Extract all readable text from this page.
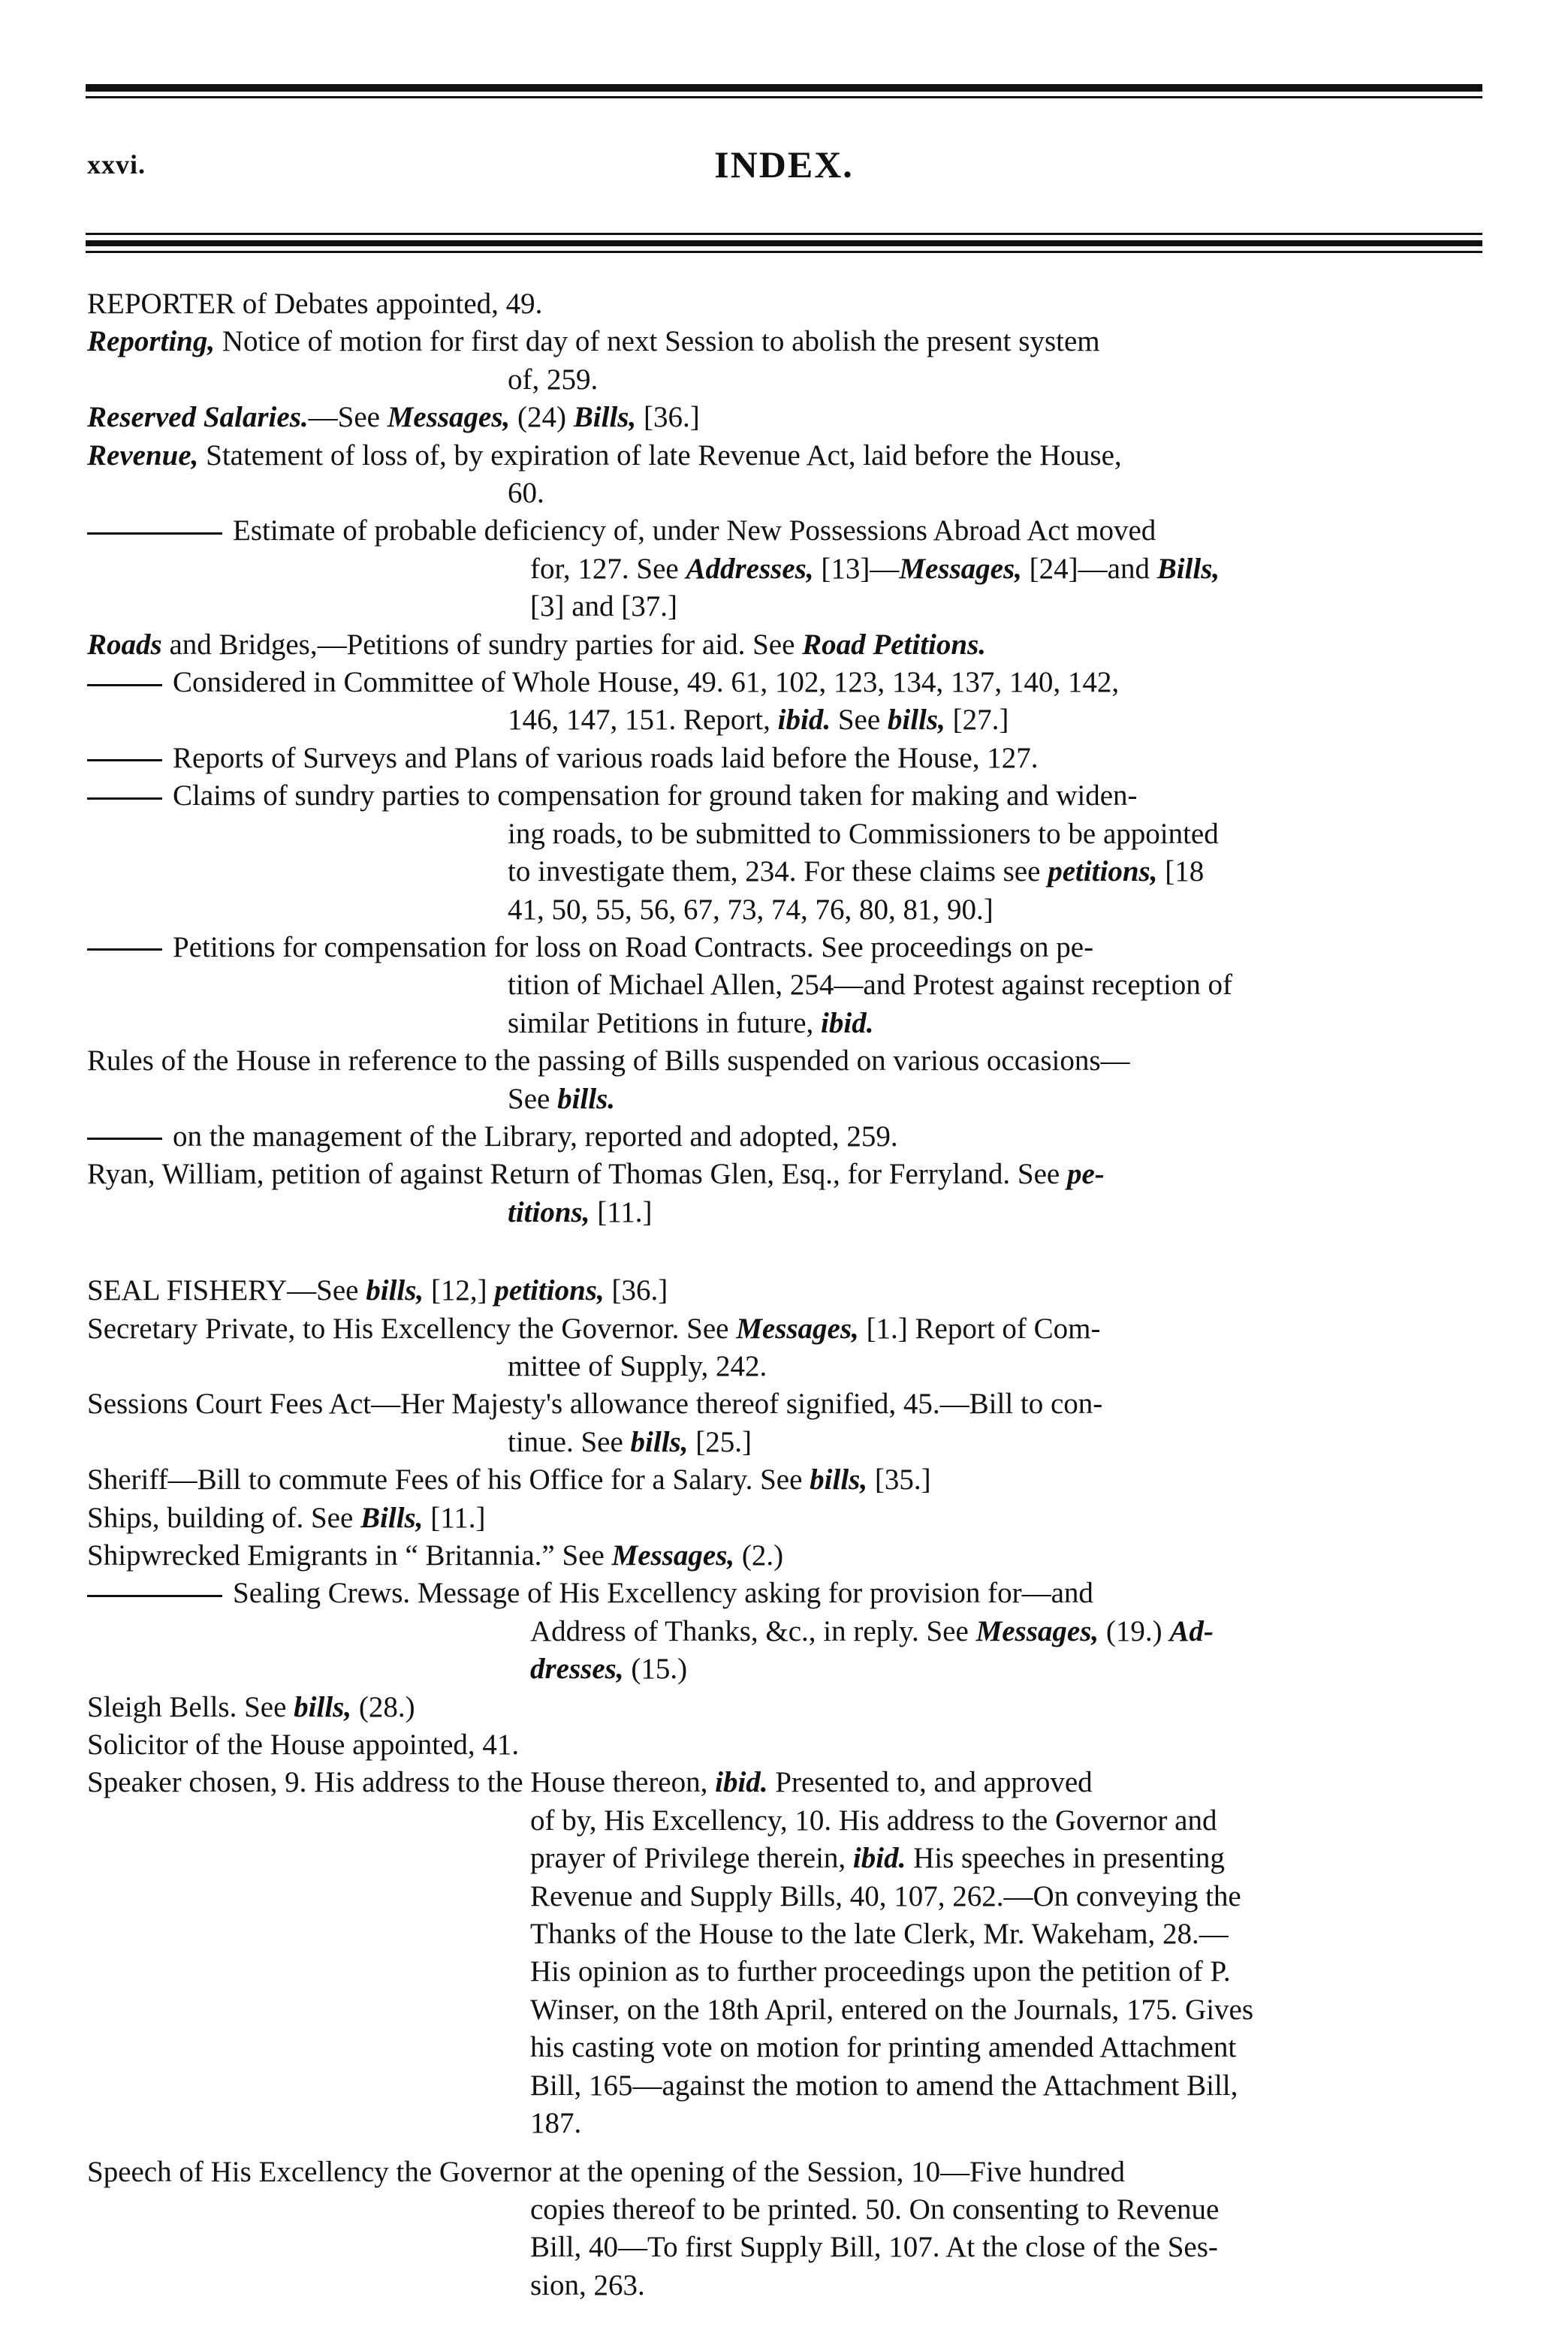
xxvi.	INDEX.
REPORTER of Debates appointed, 49.
Reporting, Notice of motion for first day of next Session to abolish the present system
of, 259.
Reserved Salaries.—See Messages, (24) Bills, [36.]
Revenue, Statement of loss of, by expiration of late Revenue Act, laid before the House,
60.
Estimate of probable deficiency of, under New Possessions Abroad Act moved
for, 127. See Addresses, [13]—Messages, [24]—and Bills,
[3] and [37.]
Roads and Bridges,—Petitions of sundry parties for aid. See Road Petitions.
Considered in Committee of Whole House, 49. 61, 102, 123, 134, 137, 140, 142,
146, 147, 151. Report, ibid. See bills, [27.]
Reports of Surveys and Plans of various roads laid before the House, 127.
Claims of sundry parties to compensation for ground taken for making and widen-
ing roads, to be submitted to Commissioners to be appointed
to investigate them, 234. For these claims see petitions, [18
41, 50, 55, 56, 67, 73, 74, 76, 80, 81, 90.]
Petitions for compensation for loss on Road Contracts. See proceedings on pe-
tition of Michael Allen, 254—and Protest against reception of
similar Petitions in future, ibid.
Rules of the House in reference to the passing of Bills suspended on various occasions—
See bills.
on the management of the Library, reported and adopted, 259.
Ryan, William, petition of against Return of Thomas Glen, Esq., for Ferryland. See pe-
titions, [11.]
SEAL FISHERY—See bills, [12,] petitions, [36.]
Secretary Private, to His Excellency the Governor. See Messages, [1.] Report of Com-
mittee of Supply, 242.
Sessions Court Fees Act—Her Majesty's allowance thereof signified, 45.—Bill to con-
tinue. See bills, [25.]
Sheriff—Bill to commute Fees of his Office for a Salary. See bills, [35.]
Ships, building of. See Bills, [11.]
Shipwrecked Emigrants in “ Britannia.” See Messages, (2.)
Sealing Crews. Message of His Excellency asking for provision for—and
Address of Thanks, &c., in reply. See Messages, (19.) Ad-
dresses, (15.)
Sleigh Bells. See bills, (28.)
Solicitor of the House appointed, 41.
Speaker chosen, 9. His address to the House thereon, ibid. Presented to, and approved
of by, His Excellency, 10. His address to the Governor and
prayer of Privilege therein, ibid. His speeches in presenting
Revenue and Supply Bills, 40, 107, 262.—On conveying the
Thanks of the House to the late Clerk, Mr. Wakeham, 28.—
His opinion as to further proceedings upon the petition of P.
Winser, on the 18th April, entered on the Journals, 175. Gives
his casting vote on motion for printing amended Attachment
Bill, 165—against the motion to amend the Attachment Bill,
187.
Speech of His Excellency the Governor at the opening of the Session, 10—Five hundred
copies thereof to be printed. 50. On consenting to Revenue
Bill, 40—To first Supply Bill, 107. At the close of the Ses-
sion, 263.
